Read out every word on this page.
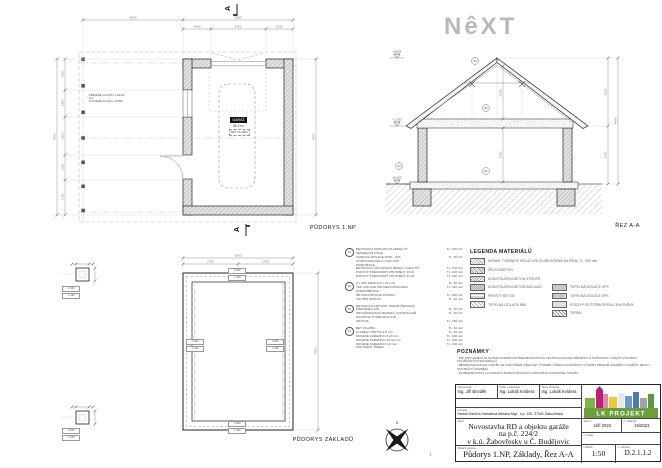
4050	5500
1400	2750	1350
7800
1550
1350
1900
1250
1750
7800
+4,806
+2,750
±0,000
S3
S2
S1
S4
2056
2750
4806
2056
2750
5500
2750	2750
7800
S
NêXT
A
A	PŮDORYS 1.NP	ŘEZ A-A
PŮDORYS ZÁKLADŮ
GARÁŽ
36,2 m²
BET. DLAŽBA
DŘEVĚNÉ SLOUPKY 140/140 mm
KOTVENÉ DO ZÁKL. PATEK
LEGENDA MATERIÁLŮ
KERAM. TVÁRNICE HELUZ UNI 20 BROUŠENÁ NA PĚNU TL. 200 mm
ŽELEZOBETON
KONSTRUKČNÍ BETON STROPŮ
KONSTRUKČNÍ BETON ZÁKLADŮ
PROSTÝ BETON
TEPELNÁ IZOLACE MW
TEPELNÁ IZOLACE XPS
TEPELNÁ IZOLACE EPS
PODSYP ZE ŠTĚRKOPÍSKU ZHUTNĚNÝ
TERÉN
S1
BETONOVÁ PODLAHA HLAZENÁ ÚT	TL. 100 mm
SEPARAČNÍ FÓLIE
TEPELNÁ IZOLACE PODL. XPS	TL. 50 mm
HYDROIZOLACE 2 x ASF. PÁS
PENETRACE
BETONOVÁ ZÁKLADOVÁ DESKA + KARI SÍŤ	TL. 150 mm
PODSYP ŠTĚRKODRŤ ZHUTNĚNÝ 16-32	TL. 100 mm
PODSYP ŠTĚRKODRŤ ZHUTNĚNÝ 32-63	TL. 150 mm
S2
2 x SDK DESKA (2 x 15 mm)	TL. 30 mm
TEP. IZOLACE MW MEZI KROKVEMI	TL. 180 mm
PAROZÁBRANA
ŽB KONSTRUKCE STROPU	TL. 200 mm
VNITŘNÍ OMÍTKA	TL. 10 mm
S3
BETONOVÁ KRYTINA - BARVA ČERVENÁ
DŘEVĚNÉ LATĚ	TL. 40 mm
PROVĚTRÁVANÁ MEZERA, KONTRALATĚ	TL. 60 mm
POJISTNÁ HYDROIZOLACE
KROKVE	TL. 180 mm
S4
BET. DLAŽBA	TL. 60 mm
KLADECÍ VRSTVA 4-8 mm	TL. 30 mm
DRCENÉ KAMENIVO 8-16 mm	TL. 100 mm
DRCENÉ KAMENIVO 16-32 mm	TL. 200 mm
DRCENÉ KAMENIVO 0-8 mm	TL. 100 mm
ZHUTNĚNÝ TERÉN
POZNÁMKY
- PŘI PROVÁDĚNÍ JE NUTNÉ DODRŽOVAT BEZPEČNOSTNÍ A TECHNOLOGICKÉ PŘEDPISY A POŽADAVKY VŠECH VÝROBCŮ POUŽÍVANÝCH MATERIÁLŮ
- BĚHEM REALIZACE STAVBY JE ZAPOTŘEBÍ VŠECHNY VÝROBKY PŘED ZADÁNÍM DO VÝROBY PŘESNĚ ZAMĚŘIT A OVĚŘIT JEJICH SKUTEČNÝ ROZMĚR
- ZA BEZPEČNOST A OCHRANU ZDRAVÍ PŘI PRÁCI ODPOVÍDÁ DODAVATEL STAVBY
-0,650
-1,150
-0,650
-1,150
-0,650
-1,150
-0,650
-1,150
-0,650
-1,150
-0,650
-1,150
Vypracoval
Ing. Jiří Bezděk
Zodp. projektant
Ing. Lukáš Kvídera
Tech. kontrola
Ing. Lukáš Kvídera

Investor
Hamal David a Hamalová Adriana Mgr., č.p. 120, 37341 Žabovřesky
Akce
Novostavba RD a objektu garáže
na p.č. 224/2
v k.ú. Žabovřesky u Č. Budějovic
Obsah výkresu
Půdorys 1.NP, Základy, Řez A-A
LK PROJEKT
datum
září 2023
č. zakázky
15/2023
č. kopie
měřítko
1:50
č. výkresu
D.2.1.1.2
1
